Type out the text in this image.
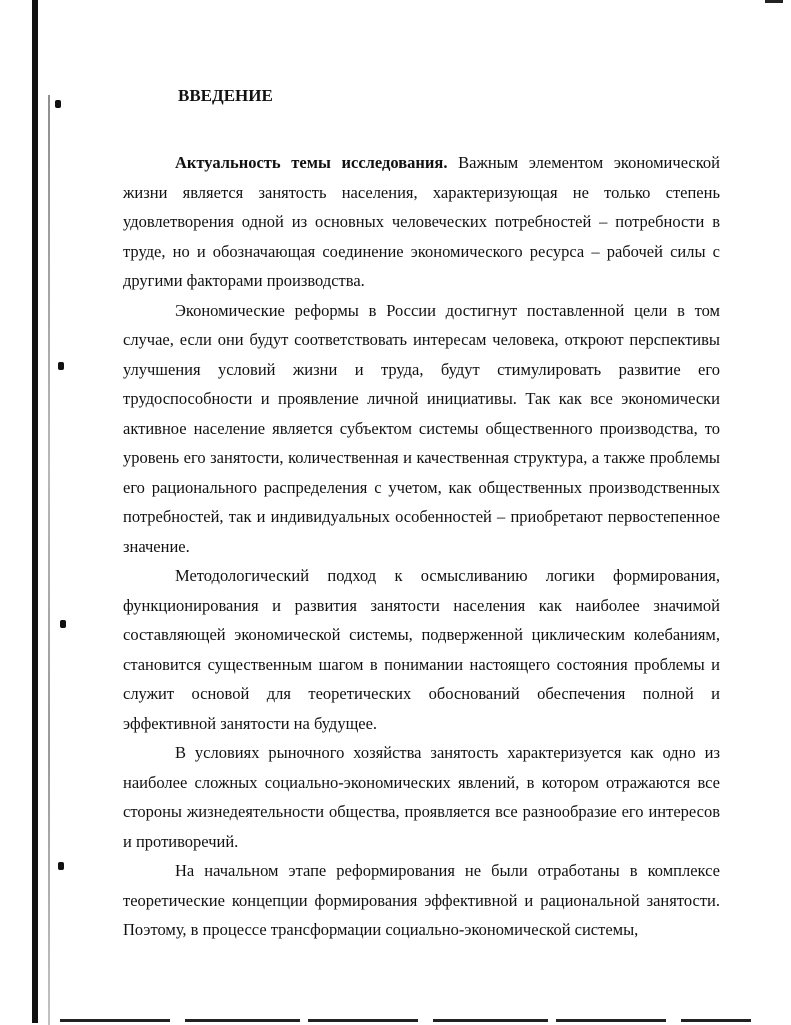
ВВЕДЕНИЕ

Актуальность темы исследования. Важным элементом экономической жизни является занятость населения, характеризующая не только степень удовлетворения одной из основных человеческих потребностей – потребности в труде, но и обозначающая соединение экономического ресурса – рабочей силы с другими факторами производства.

Экономические реформы в России достигнут поставленной цели в том случае, если они будут соответствовать интересам человека, откроют перспективы улучшения условий жизни и труда, будут стимулировать развитие его трудоспособности и проявление личной инициативы. Так как все экономически активное население является субъектом системы общественного производства, то уровень его занятости, количественная и качественная структура, а также проблемы его рационального распределения с учетом, как общественных производственных потребностей, так и индивидуальных особенностей – приобретают первостепенное значение.

Методологический подход к осмысливанию логики формирования, функционирования и развития занятости населения как наиболее значимой составляющей экономической системы, подверженной циклическим колебаниям, становится существенным шагом в понимании настоящего состояния проблемы и служит основой для теоретических обоснований обеспечения полной и эффективной занятости на будущее.

В условиях рыночного хозяйства занятость характеризуется как одно из наиболее сложных социально-экономических явлений, в котором отражаются все стороны жизнедеятельности общества, проявляется все разнообразие его интересов и противоречий.

На начальном этапе реформирования не были отработаны в комплексе теоретические концепции формирования эффективной и рациональной занятости. Поэтому, в процессе трансформации социально-экономической системы,
